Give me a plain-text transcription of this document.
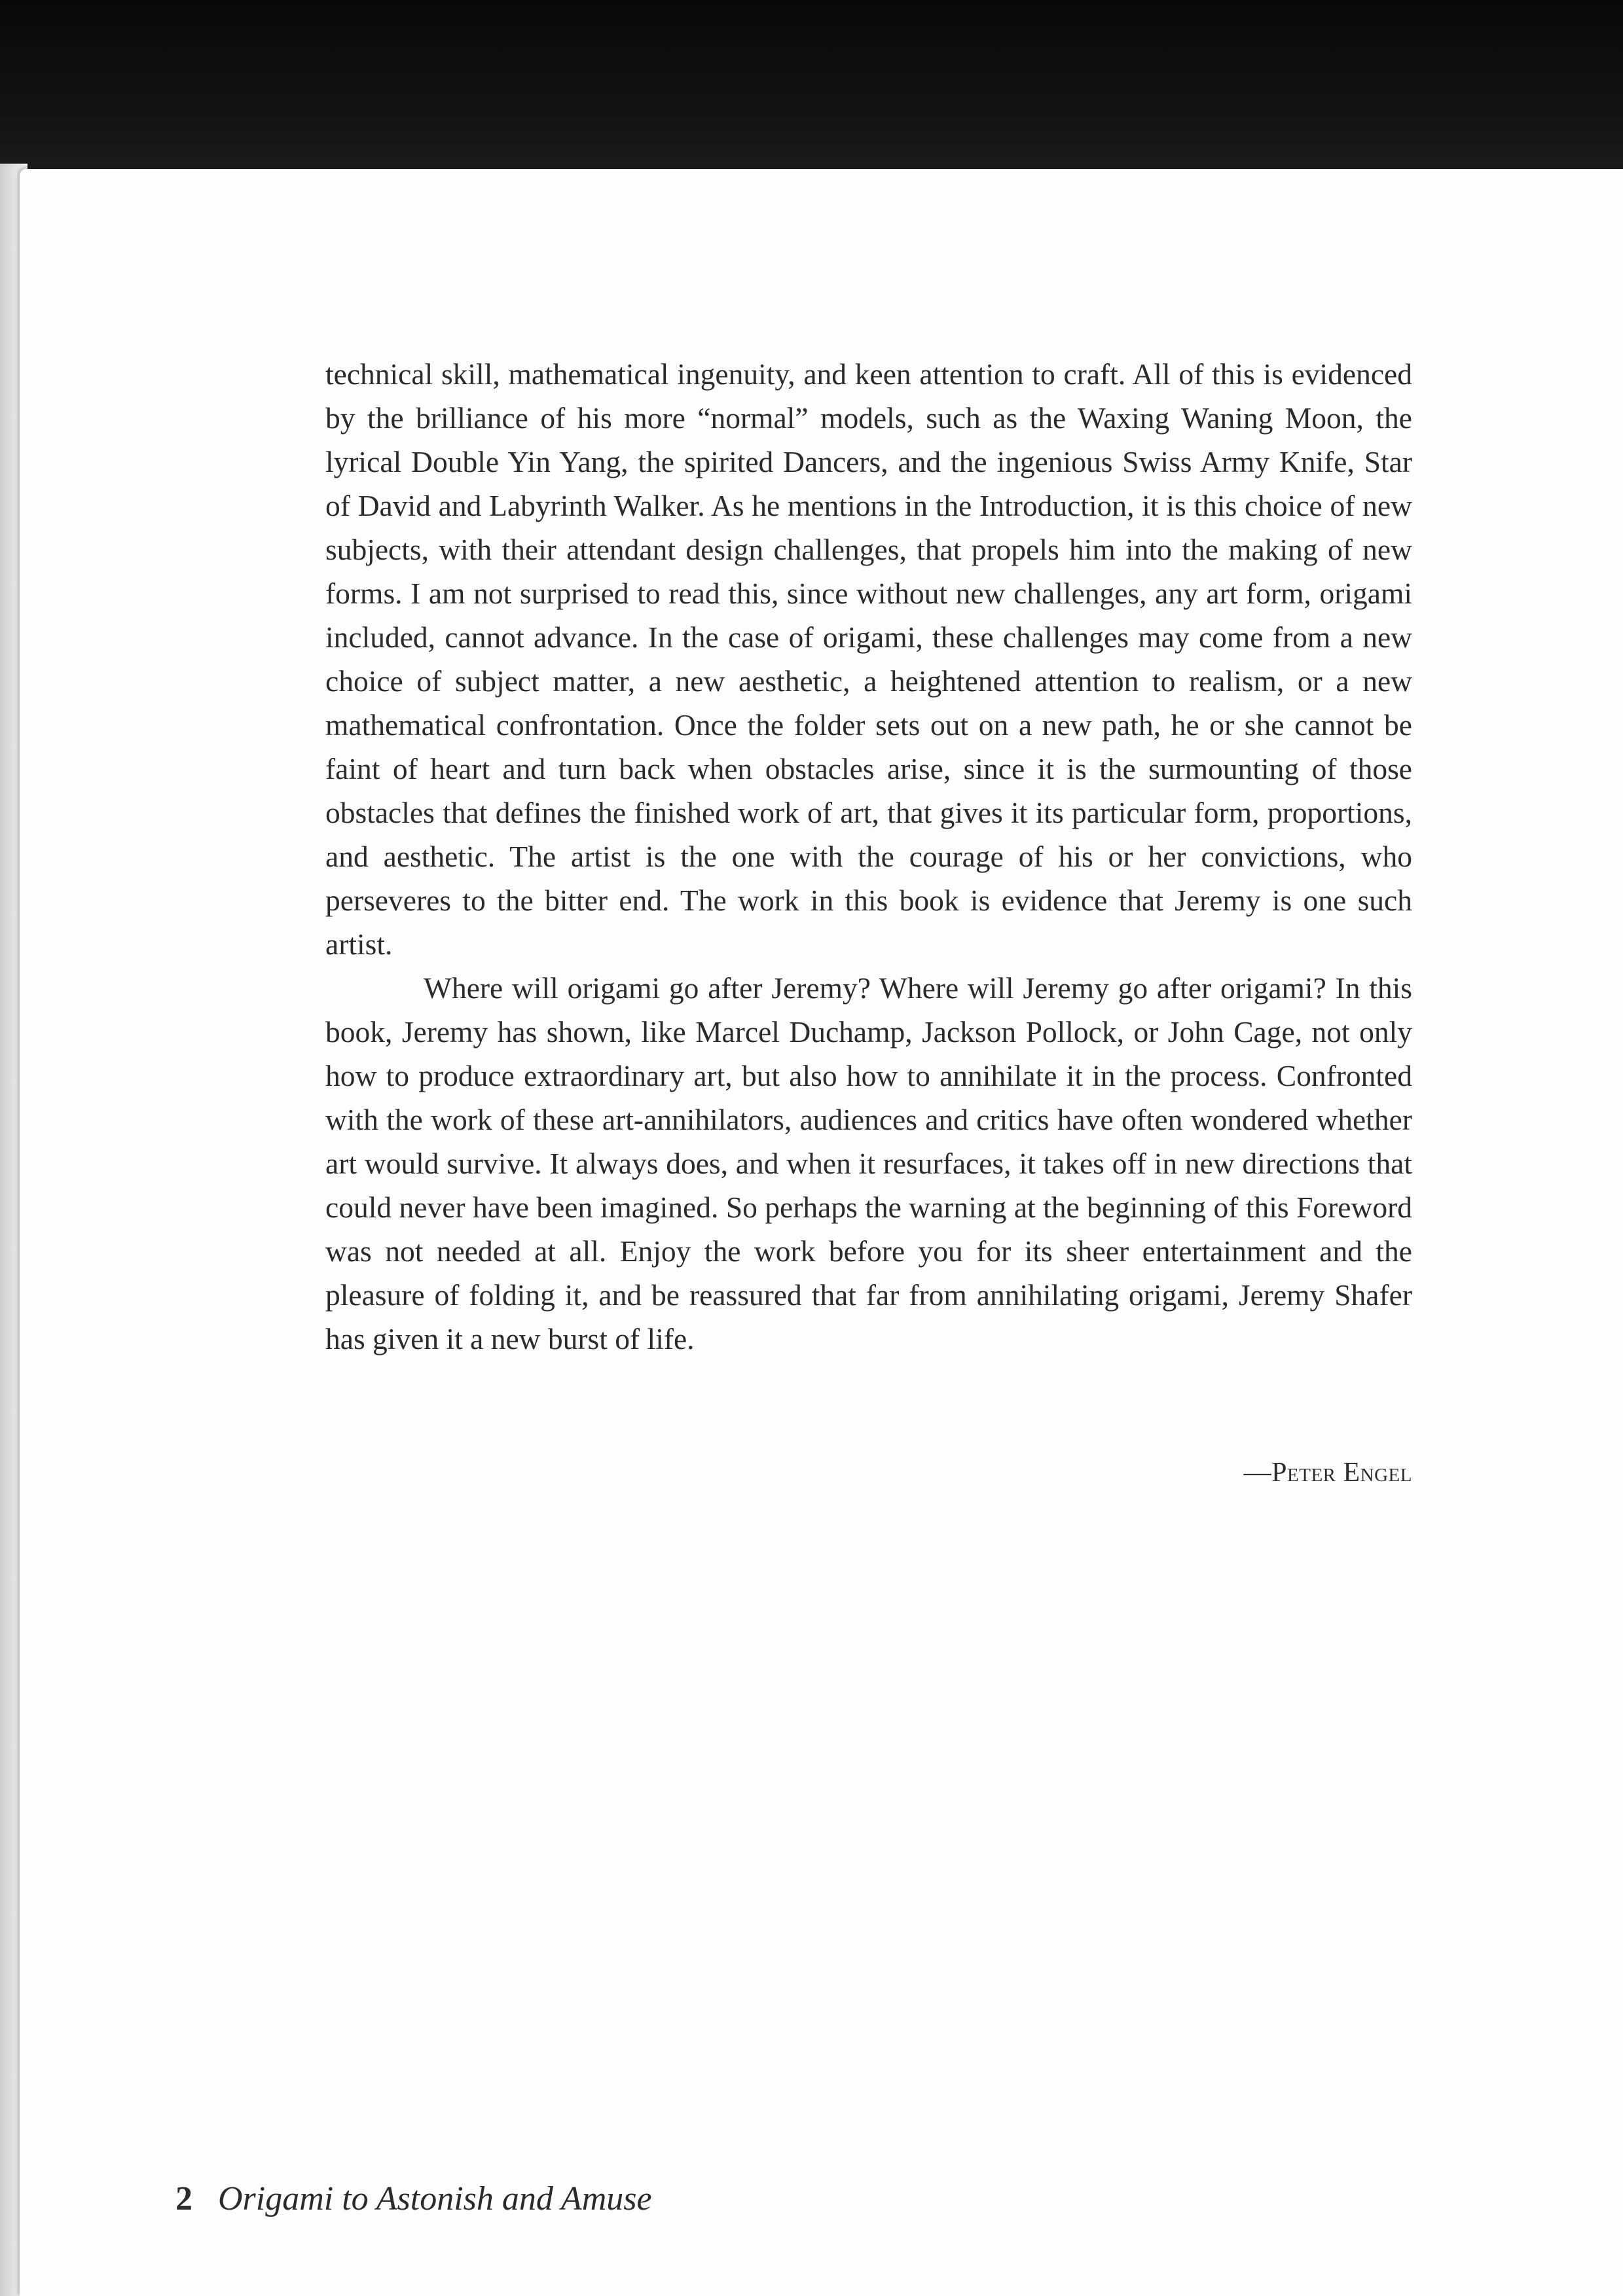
technical skill, mathematical ingenuity, and keen attention to craft. All of this is evidenced by the brilliance of his more “normal” models, such as the Waxing Waning Moon, the lyrical Double Yin Yang, the spirited Dancers, and the ingenious Swiss Army Knife, Star of David and Labyrinth Walker. As he mentions in the Introduction, it is this choice of new subjects, with their attendant design challenges, that propels him into the making of new forms. I am not surprised to read this, since without new challenges, any art form, origami included, cannot advance. In the case of origami, these challenges may come from a new choice of subject matter, a new aesthetic, a heightened attention to realism, or a new mathematical confrontation. Once the folder sets out on a new path, he or she cannot be faint of heart and turn back when obstacles arise, since it is the surmounting of those obstacles that defines the finished work of art, that gives it its particular form, proportions, and aesthetic. The artist is the one with the courage of his or her convictions, who perseveres to the bitter end. The work in this book is evidence that Jeremy is one such artist.

Where will origami go after Jeremy? Where will Jeremy go after origami? In this book, Jeremy has shown, like Marcel Duchamp, Jackson Pollock, or John Cage, not only how to produce extraordinary art, but also how to annihilate it in the process. Confronted with the work of these art-annihilators, audiences and critics have often wondered whether art would survive. It always does, and when it resurfaces, it takes off in new directions that could never have been imagined. So perhaps the warning at the beginning of this Foreword was not needed at all. Enjoy the work before you for its sheer entertainment and the pleasure of folding it, and be reassured that far from annihilating origami, Jeremy Shafer has given it a new burst of life.

—Peter Engel
2 Origami to Astonish and Amuse
